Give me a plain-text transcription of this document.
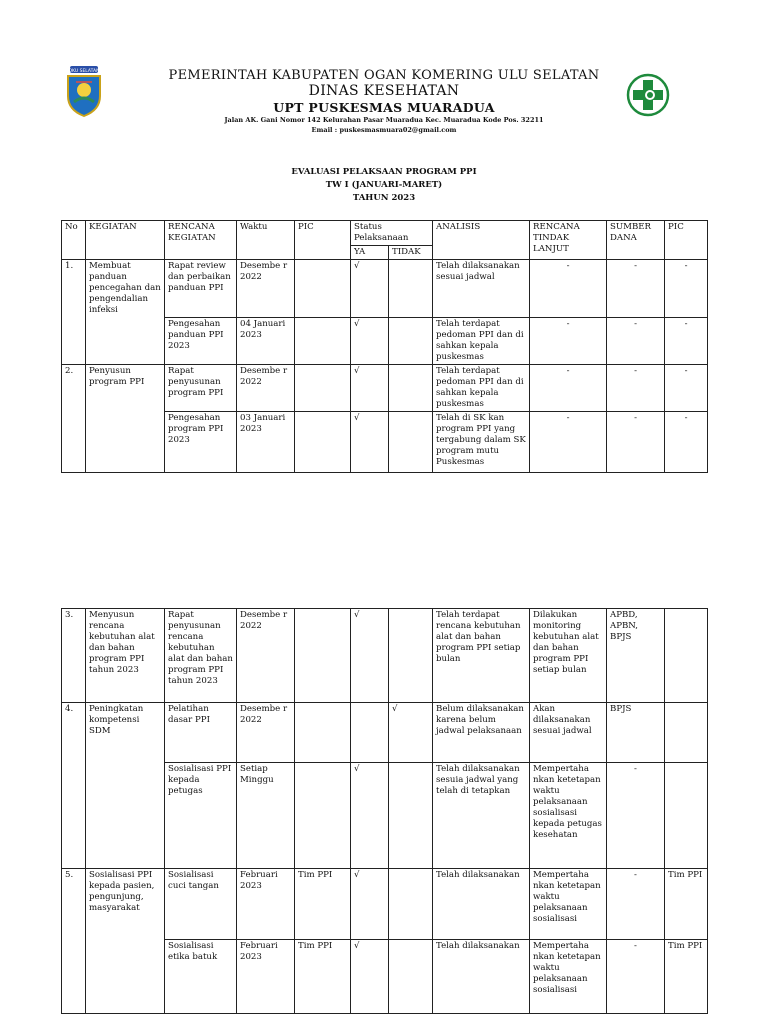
OKU SELATAN	PEMERINTAH KABUPATEN OGAN KOMERING ULU SELATAN
DINAS KESEHATAN
UPT PUSKESMAS MUARADUA
Jalan AK. Gani Nomor 142 Kelurahan Pasar Muaradua Kec. Muaradua Kode Pos. 32211
Email : puskesmasmuara02@gmail.com
EVALUASI PELAKSAAN PROGRAM PPI
TW I (JANUARI-MARET)
TAHUN 2023
No	KEGIATAN	RENCANA KEGIATAN	Waktu	PIC	Status Pelaksanaan		ANALISIS	RENCANA TINDAK LANJUT	SUMBER DANA	PIC
					YA	TIDAK				
1.	Membuat panduan pencegahan dan pengendalian infeksi	Rapat review dan perbaikan panduan PPI	Desembe r 2022		√		Telah dilaksanakan sesuai jadwal	-	-	-
		Pengesahan panduan PPI 2023	04 Januari 2023		√		Telah terdapat pedoman PPI dan di sahkan kepala puskesmas	-	-	-
2.	Penyusun program PPI	Rapat penyusunan program PPI	Desembe r 2022		√		Telah terdapat pedoman PPI dan di sahkan kepala puskesmas	-	-	-
		Pengesahan program PPI 2023	03 Januari 2023		√		Telah di SK kan program PPI yang tergabung dalam SK program mutu Puskesmas	-	-	-
3.	Menyusun rencana kebutuhan alat dan bahan program PPI tahun 2023	Rapat penyusunan rencana kebutuhan alat dan bahan program PPI tahun 2023	Desembe r 2022		√		Telah terdapat rencana kebutuhan alat dan bahan program PPI setiap bulan	Dilakukan monitoring kebutuhan alat dan bahan program PPI setiap bulan	APBD, APBN, BPJS	
4.	Peningkatan kompetensi SDM	Pelatihan dasar PPI	Desembe r 2022			√	Belum dilaksanakan karena belum jadwal pelaksanaan	Akan dilaksanakan sesuai jadwal	BPJS	
		Sosialisasi PPI kepada petugas	Setiap Minggu		√		Telah dilaksanakan sesuia jadwal yang telah di tetapkan	Mempertaha nkan ketetapan waktu pelaksanaan sosialisasi kepada petugas kesehatan	-	
5.	Sosialisasi PPI kepada pasien, pengunjung, masyarakat	Sosialisasi cuci tangan	Februari 2023	Tim PPI	√		Telah dilaksanakan	Mempertaha nkan ketetapan waktu pelaksanaan sosialisasi	-	Tim PPI
		Sosialisasi etika batuk	Februari 2023	Tim PPI	√		Telah dilaksanakan	Mempertaha nkan ketetapan waktu pelaksanaan sosialisasi	-	Tim PPI
